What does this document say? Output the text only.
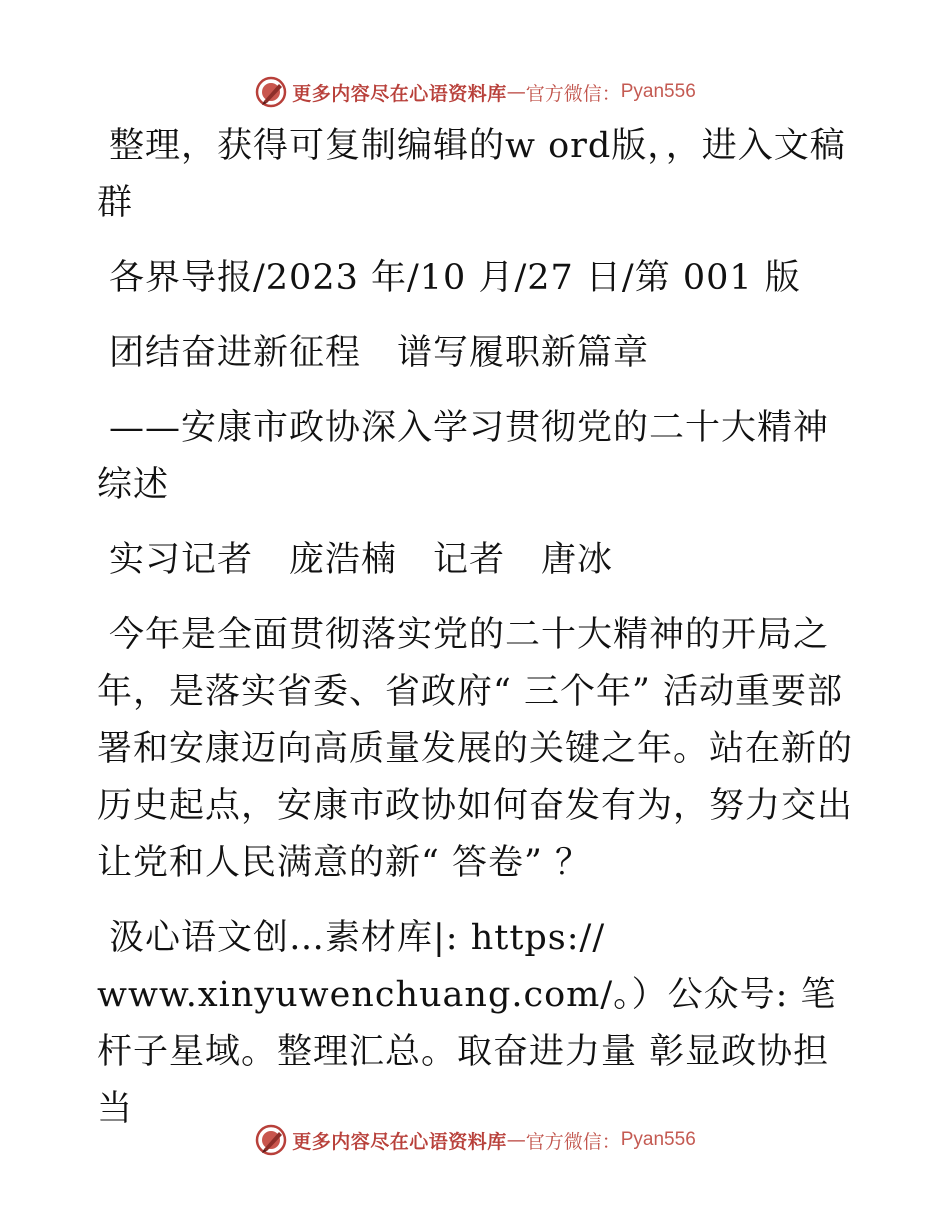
更多内容尽在心语资料库 — 官方微信： Pyan556

整理，获得可复制编辑的w ord版，，进入文稿群

各界导报/2023 年/10 月/27 日/第 001 版

团结奋进新征程　谱写履职新篇章

——安康市政协深入学习贯彻党的二十大精神综述

实习记者　庞浩楠　记者　唐冰

今年是全面贯彻落实党的二十大精神的开局之年，是落实省委、省政府“ 三个年” 活动重要部署和安康迈向高质量发展的关键之年。站在新的历史起点，安康市政协如何奋发有为，努力交出让党和人民满意的新“ 答卷” ？

汲心语文创…素材库|: https:// www.xinyuwenchuang.com/。）公众号: 笔杆子星域。整理汇总。取奋进力量 彰显政协担当

更多内容尽在心语资料库 — 官方微信： Pyan556
